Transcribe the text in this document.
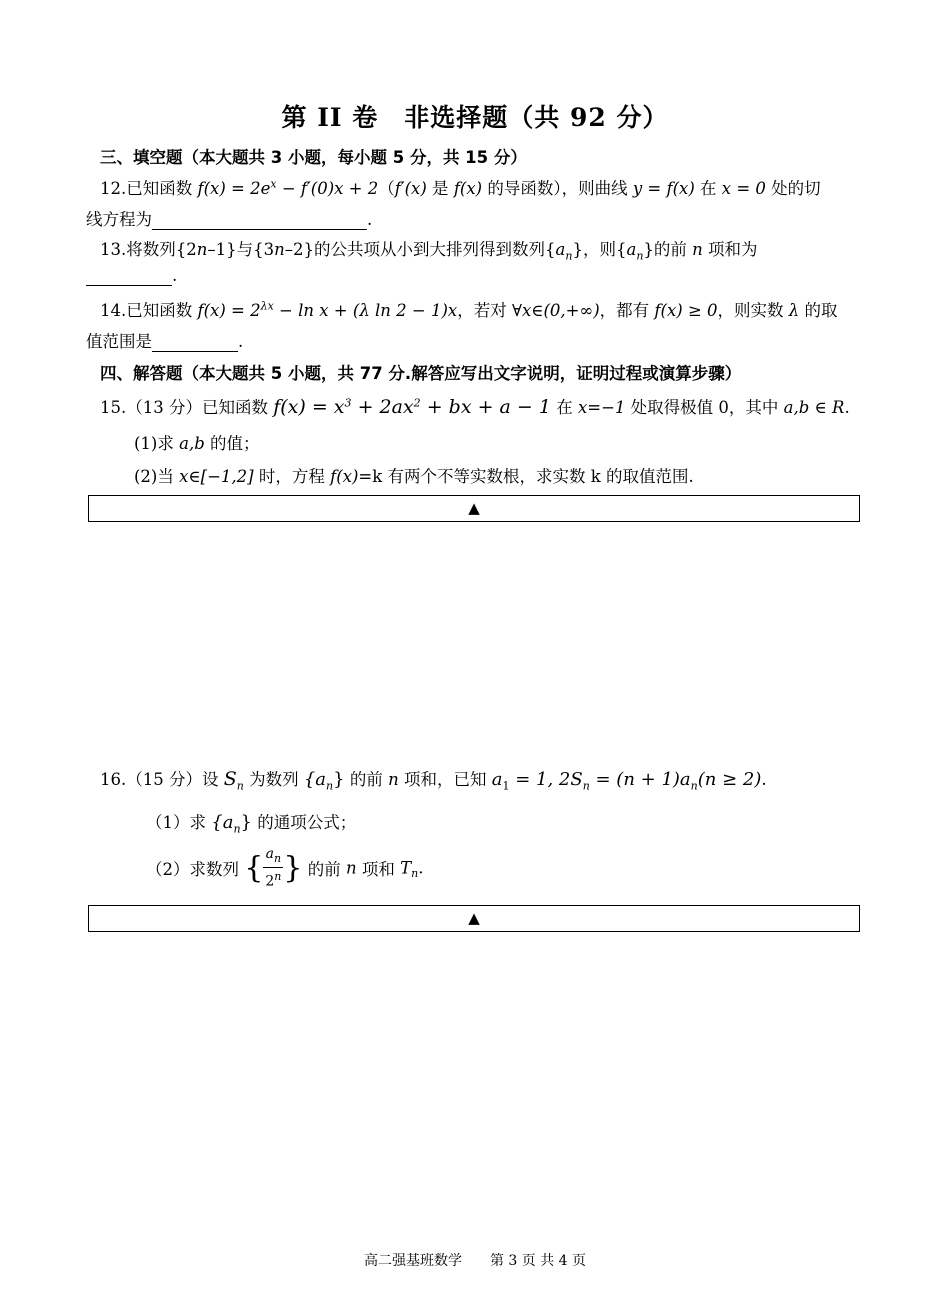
第 II 卷　非选择题（共 92 分）
三、填空题（本大题共 3 小题，每小题 5 分，共 15 分）
12.已知函数 $f(x) = 2e^x - f'(0)x + 2(f'(x)$ 是 f(x) 的导函数），则曲线 y = f(x) 在 x = 0 处的切
线方程为	.
13.将数列{2n–1}与{3n–2}的公共项从小到大排列得到数列$\{a_n\}$，则$\{a_n\}$的前 n 项和为
.
14.已知函数 $f(x) = 2^{\lambda x} - \ln x + (\lambda$ ln 2 − 1)x，若对 ∀x∈(0,+∞)，都有 f(x) ≥ 0，则实数 λ 的取
值范围是	.
四、解答题（本大题共 5 小题，共 77 分.解答应写出文字说明，证明过程或演算步骤）
15.（13 分）已知函数 $f(x) = x^3 + 2ax^2$ + bx + a − 1 在 x=−1 处取得极值 0，其中 a,b ∈ R.
(1)求 a,b 的值；
(2)当 x∈[−1,2] 时，方程 f(x)=k 有两个不等实数根，求实数 k 的取值范围.
▲
16.（15 分）设 $S_n$ 为数列 $\{a_n\}$ 的前 n 项和，已知 $a_1 = 1$, $2S_n = (n + 1)a_n(n \ge 2)$.
（1）求 $\{a_n\}$ 的通项公式；
（2）求数列 { $\frac{a_n}{2^n}$ } 的前 n 项和 $T_n$.
▲
高二强基班数学　　第 3 页 共 4 页
